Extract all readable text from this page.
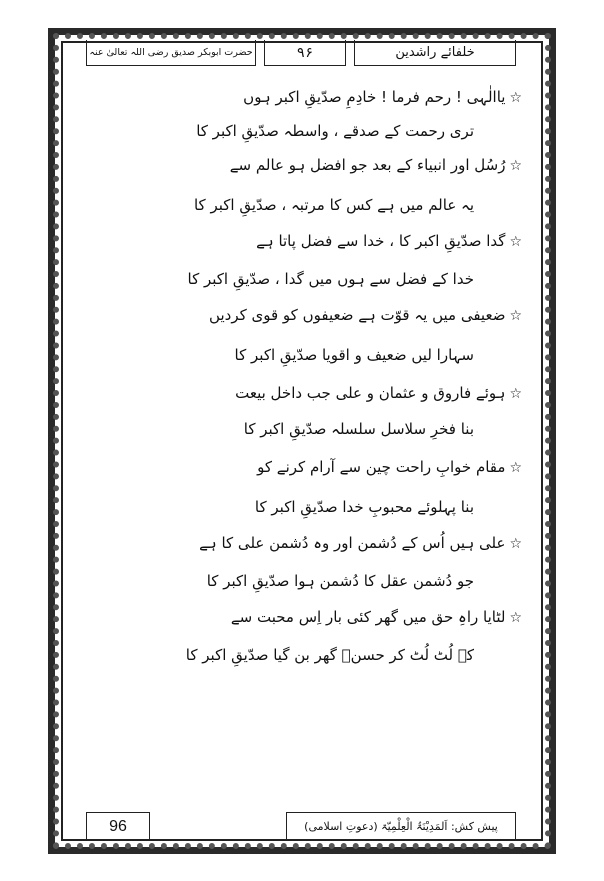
حضرت ابوبکر صدیق رضی اللہ تعالیٰ عنہ	۹۶	خلفائے راشدین
☆یاالٰہی ! رحم فرما ! خادِمِ صدّیقِ اکبر ہوں
تری رحمت کے صدقے ، واسطہ صدّیقِ اکبر کا
☆رُسُل اور انبیاء کے بعد جو افضل ہو عالم سے
یہ عالم میں ہے کس کا مرتبہ ، صدّیقِ اکبر کا
☆گدا صدّیقِ اکبر کا ، خدا سے فضل پاتا ہے
خدا کے فضل سے ہوں میں گدا ، صدّیقِ اکبر کا
☆ضعیفی میں یہ قوّت ہے ضعیفوں کو قوی کردیں
سہارا لیں ضعیف و اقویا صدّیقِ اکبر کا
☆ہوئے فاروق و عثمان و علی جب داخل بیعت
بنا فخرِ سلاسل سلسلہ صدّیقِ اکبر کا
☆مقام خوابِ راحت چین سے آرام کرنے کو
بنا پہلوئے محبوبِ خدا صدّیقِ اکبر کا
☆علی ہیں اُس کے دُشمن اور وہ دُشمن علی کا ہے
جو دُشمن عقل کا دُشمن ہوا صدّیقِ اکبر کا
☆لٹایا راہِ حق میں گھر کئی بار اِس محبت سے
کہ لُٹ لُٹ کر حسنؔ گھر بن گیا صدّیقِ اکبر کا
96	پیش کش: اَلمَدِیْنَۃُ الْعِلْمِیّۃ (دعوتِ اسلامی)
